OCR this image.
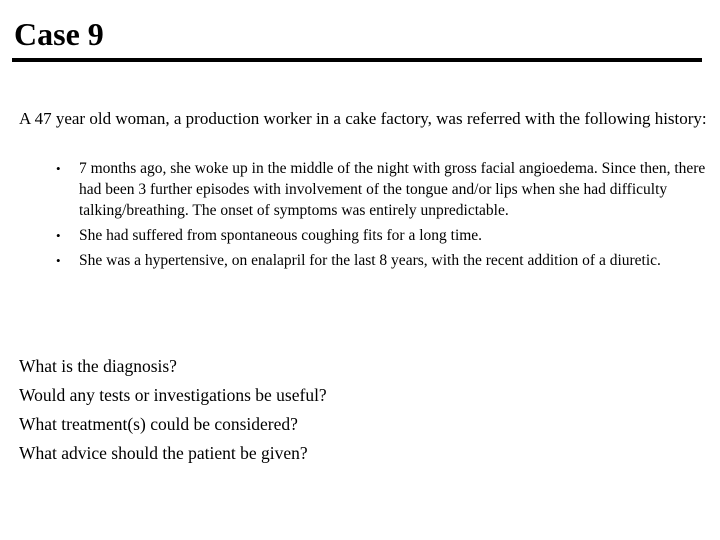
Case 9

A 47 year old woman, a production worker in a cake factory, was referred with the following history:

• 7 months ago, she woke up in the middle of the night with gross facial angioedema. Since then, there had been 3 further episodes with involvement of the tongue and/or lips when she had difficulty talking/breathing. The onset of symptoms was entirely unpredictable.
• She had suffered from spontaneous coughing fits for a long time.
• She was a hypertensive, on enalapril for the last 8 years, with the recent addition of a diuretic.
What is the diagnosis?
Would any tests or investigations be useful?
What treatment(s) could be considered?
What advice should the patient be given?
